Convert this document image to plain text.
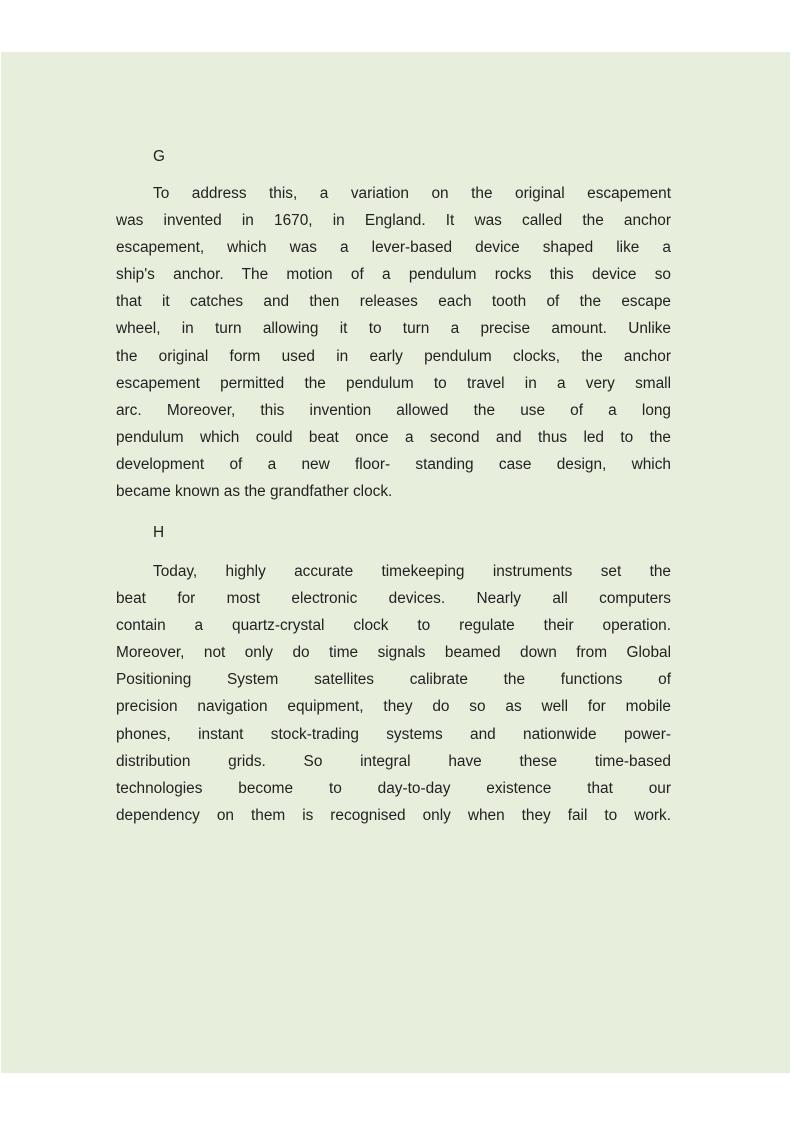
G
To address this, a variation on the original escapement
was invented in 1670, in England. It was called the anchor
escapement, which was a lever-based device shaped like a
ship's anchor. The motion of a pendulum rocks this device so
that it catches and then releases each tooth of the escape
wheel, in turn allowing it to turn a precise amount. Unlike
the original form used in early pendulum clocks, the anchor
escapement permitted the pendulum to travel in a very small
arc. Moreover, this invention allowed the use of a long
pendulum which could beat once a second and thus led to the
development of a new floor- standing case design, which
became known as the grandfather clock.
H
Today, highly accurate timekeeping instruments set the
beat for most electronic devices. Nearly all computers
contain a quartz-crystal clock to regulate their operation.
Moreover, not only do time signals beamed down from Global
Positioning System satellites calibrate the functions of
precision navigation equipment, they do so as well for mobile
phones, instant stock-trading systems and nationwide power-
distribution grids. So integral have these time-based
technologies become to day-to-day existence that our
dependency on them is recognised only when they fail to work.
